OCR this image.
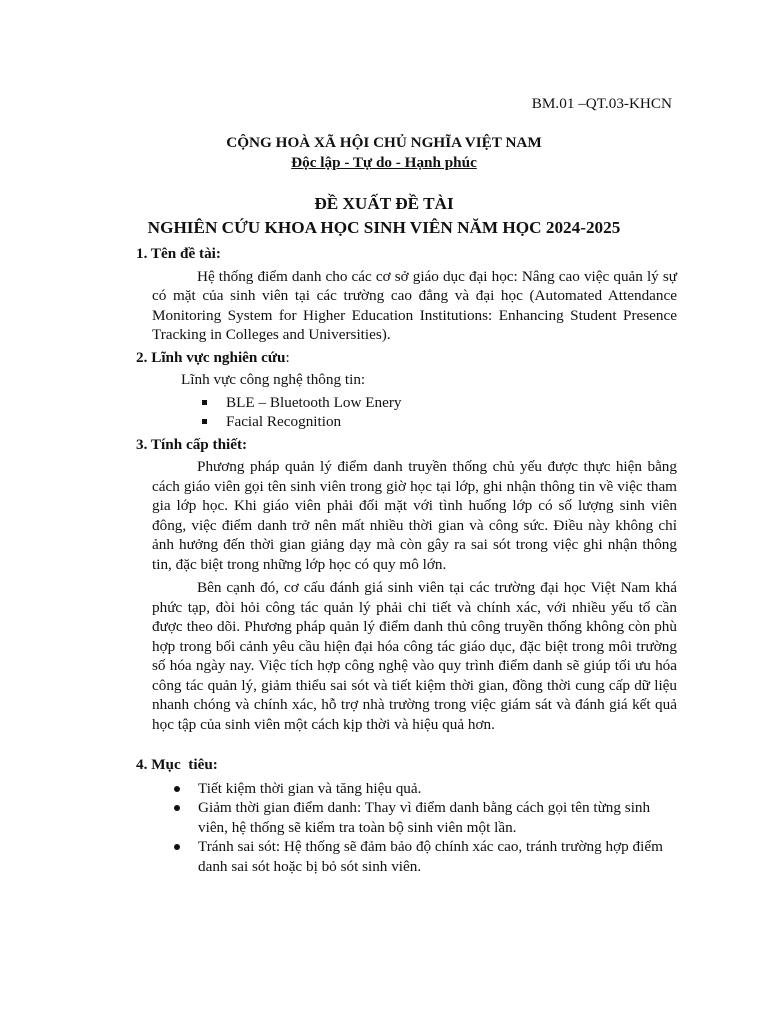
BM.01 –QT.03-KHCN
CỘNG HOÀ XÃ HỘI CHỦ NGHĨA VIỆT NAM
Độc lập - Tự do - Hạnh phúc
ĐỀ XUẤT ĐỀ TÀI
NGHIÊN CỨU KHOA HỌC SINH VIÊN NĂM HỌC 2024-2025
1. Tên đề tài:

Hệ thống điểm danh cho các cơ sở giáo dục đại học: Nâng cao việc quản lý sự có mặt của sinh viên tại các trường cao đẳng và đại học (Automated Attendance Monitoring System for Higher Education Institutions: Enhancing Student Presence Tracking in Colleges and Universities).

2. Lĩnh vực nghiên cứu:

Lĩnh vực công nghệ thông tin:

BLE – Bluetooth Low Enery
Facial Recognition
3. Tính cấp thiết:

Phương pháp quản lý điểm danh truyền thống chủ yếu được thực hiện bằng cách giáo viên gọi tên sinh viên trong giờ học tại lớp, ghi nhận thông tin về việc tham gia lớp học. Khi giáo viên phải đối mặt với tình huống lớp có số lượng sinh viên đông, việc điểm danh trở nên mất nhiều thời gian và công sức. Điều này không chỉ ảnh hưởng đến thời gian giảng dạy mà còn gây ra sai sót trong việc ghi nhận thông tin, đặc biệt trong những lớp học có quy mô lớn.

Bên cạnh đó, cơ cấu đánh giá sinh viên tại các trường đại học Việt Nam khá phức tạp, đòi hỏi công tác quản lý phải chi tiết và chính xác, với nhiều yếu tố cần được theo dõi. Phương pháp quản lý điểm danh thủ công truyền thống không còn phù hợp trong bối cảnh yêu cầu hiện đại hóa công tác giáo dục, đặc biệt trong môi trường số hóa ngày nay. Việc tích hợp công nghệ vào quy trình điểm danh sẽ giúp tối ưu hóa công tác quản lý, giảm thiểu sai sót và tiết kiệm thời gian, đồng thời cung cấp dữ liệu nhanh chóng và chính xác, hỗ trợ nhà trường trong việc giám sát và đánh giá kết quả học tập của sinh viên một cách kịp thời và hiệu quả hơn.

4. Mục  tiêu:
Tiết kiệm thời gian và tăng hiệu quả.
Giảm thời gian điểm danh: Thay vì điểm danh bằng cách gọi tên từng sinh viên, hệ thống sẽ kiểm tra toàn bộ sinh viên một lần.
Tránh sai sót: Hệ thống sẽ đảm bảo độ chính xác cao, tránh trường hợp điểm danh sai sót hoặc bị bỏ sót sinh viên.
